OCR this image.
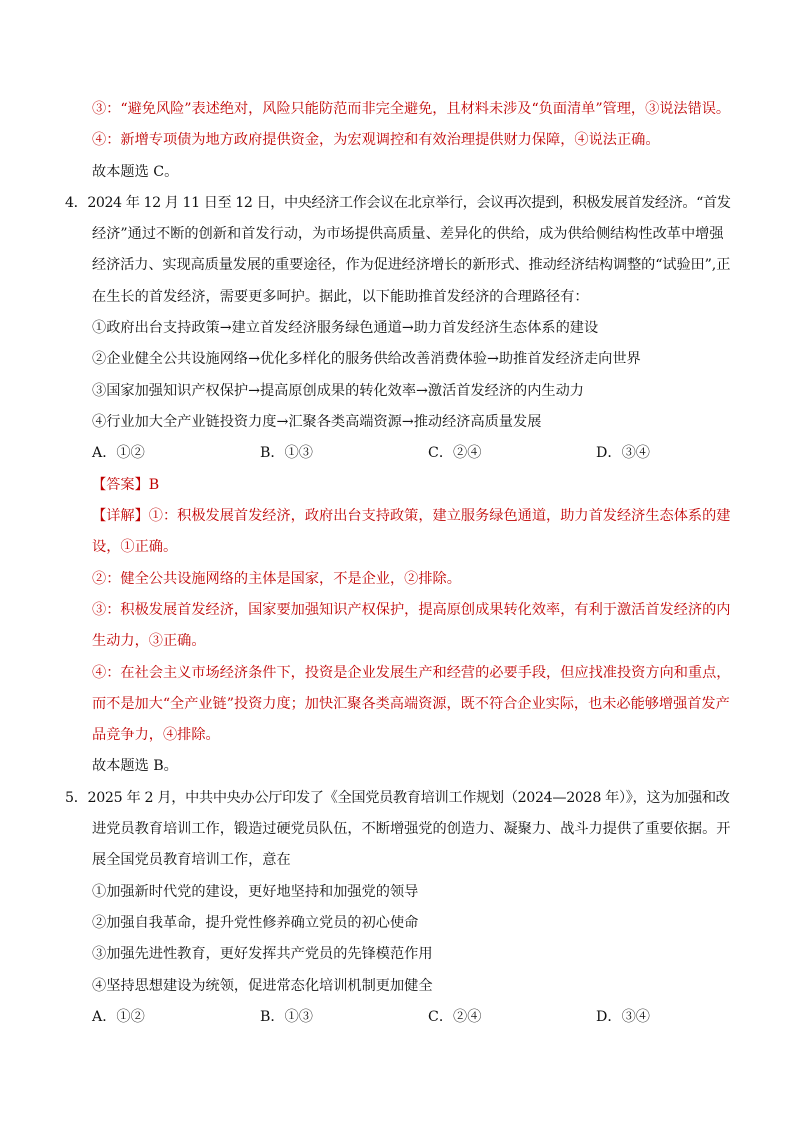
③：“避免风险”表述绝对，风险只能防范而非完全避免，且材料未涉及“负面清单”管理，③说法错误。
④：新增专项债为地方政府提供资金，为宏观调控和有效治理提供财力保障，④说法正确。
故本题选 C。
4．2024 年 12 月 11 日至 12 日，中央经济工作会议在北京举行，会议再次提到，积极发展首发经济。“首发
经济”通过不断的创新和首发行动，为市场提供高质量、差异化的供给，成为供给侧结构性改革中增强
经济活力、实现高质量发展的重要途径，作为促进经济增长的新形式、推动经济结构调整的“试验田”,正
在生长的首发经济，需要更多呵护。据此，以下能助推首发经济的合理路径有：
①政府出台支持政策→建立首发经济服务绿色通道→助力首发经济生态体系的建设
②企业健全公共设施网络→优化多样化的服务供给改善消费体验→助推首发经济走向世界
③国家加强知识产权保护→提高原创成果的转化效率→激活首发经济的内生动力
④行业加大全产业链投资力度→汇聚各类高端资源→推动经济高质量发展
A．①②	B．①③	C．②④	D．③④
【答案】B
【详解】①：积极发展首发经济，政府出台支持政策，建立服务绿色通道，助力首发经济生态体系的建
设，①正确。
②：健全公共设施网络的主体是国家，不是企业，②排除。
③：积极发展首发经济，国家要加强知识产权保护，提高原创成果转化效率，有利于激活首发经济的内
生动力，③正确。
④：在社会主义市场经济条件下，投资是企业发展生产和经营的必要手段，但应找准投资方向和重点，
而不是加大“全产业链”投资力度；加快汇聚各类高端资源，既不符合企业实际，也未必能够增强首发产
品竞争力，④排除。
故本题选 B。
5．2025 年 2 月，中共中央办公厅印发了《全国党员教育培训工作规划（2024—2028 年）》，这为加强和改
进党员教育培训工作，锻造过硬党员队伍，不断增强党的创造力、凝聚力、战斗力提供了重要依据。开
展全国党员教育培训工作，意在
①加强新时代党的建设，更好地坚持和加强党的领导
②加强自我革命，提升党性修养确立党员的初心使命
③加强先进性教育，更好发挥共产党员的先锋模范作用
④坚持思想建设为统领，促进常态化培训机制更加健全
A．①②	B．①③	C．②④	D．③④
